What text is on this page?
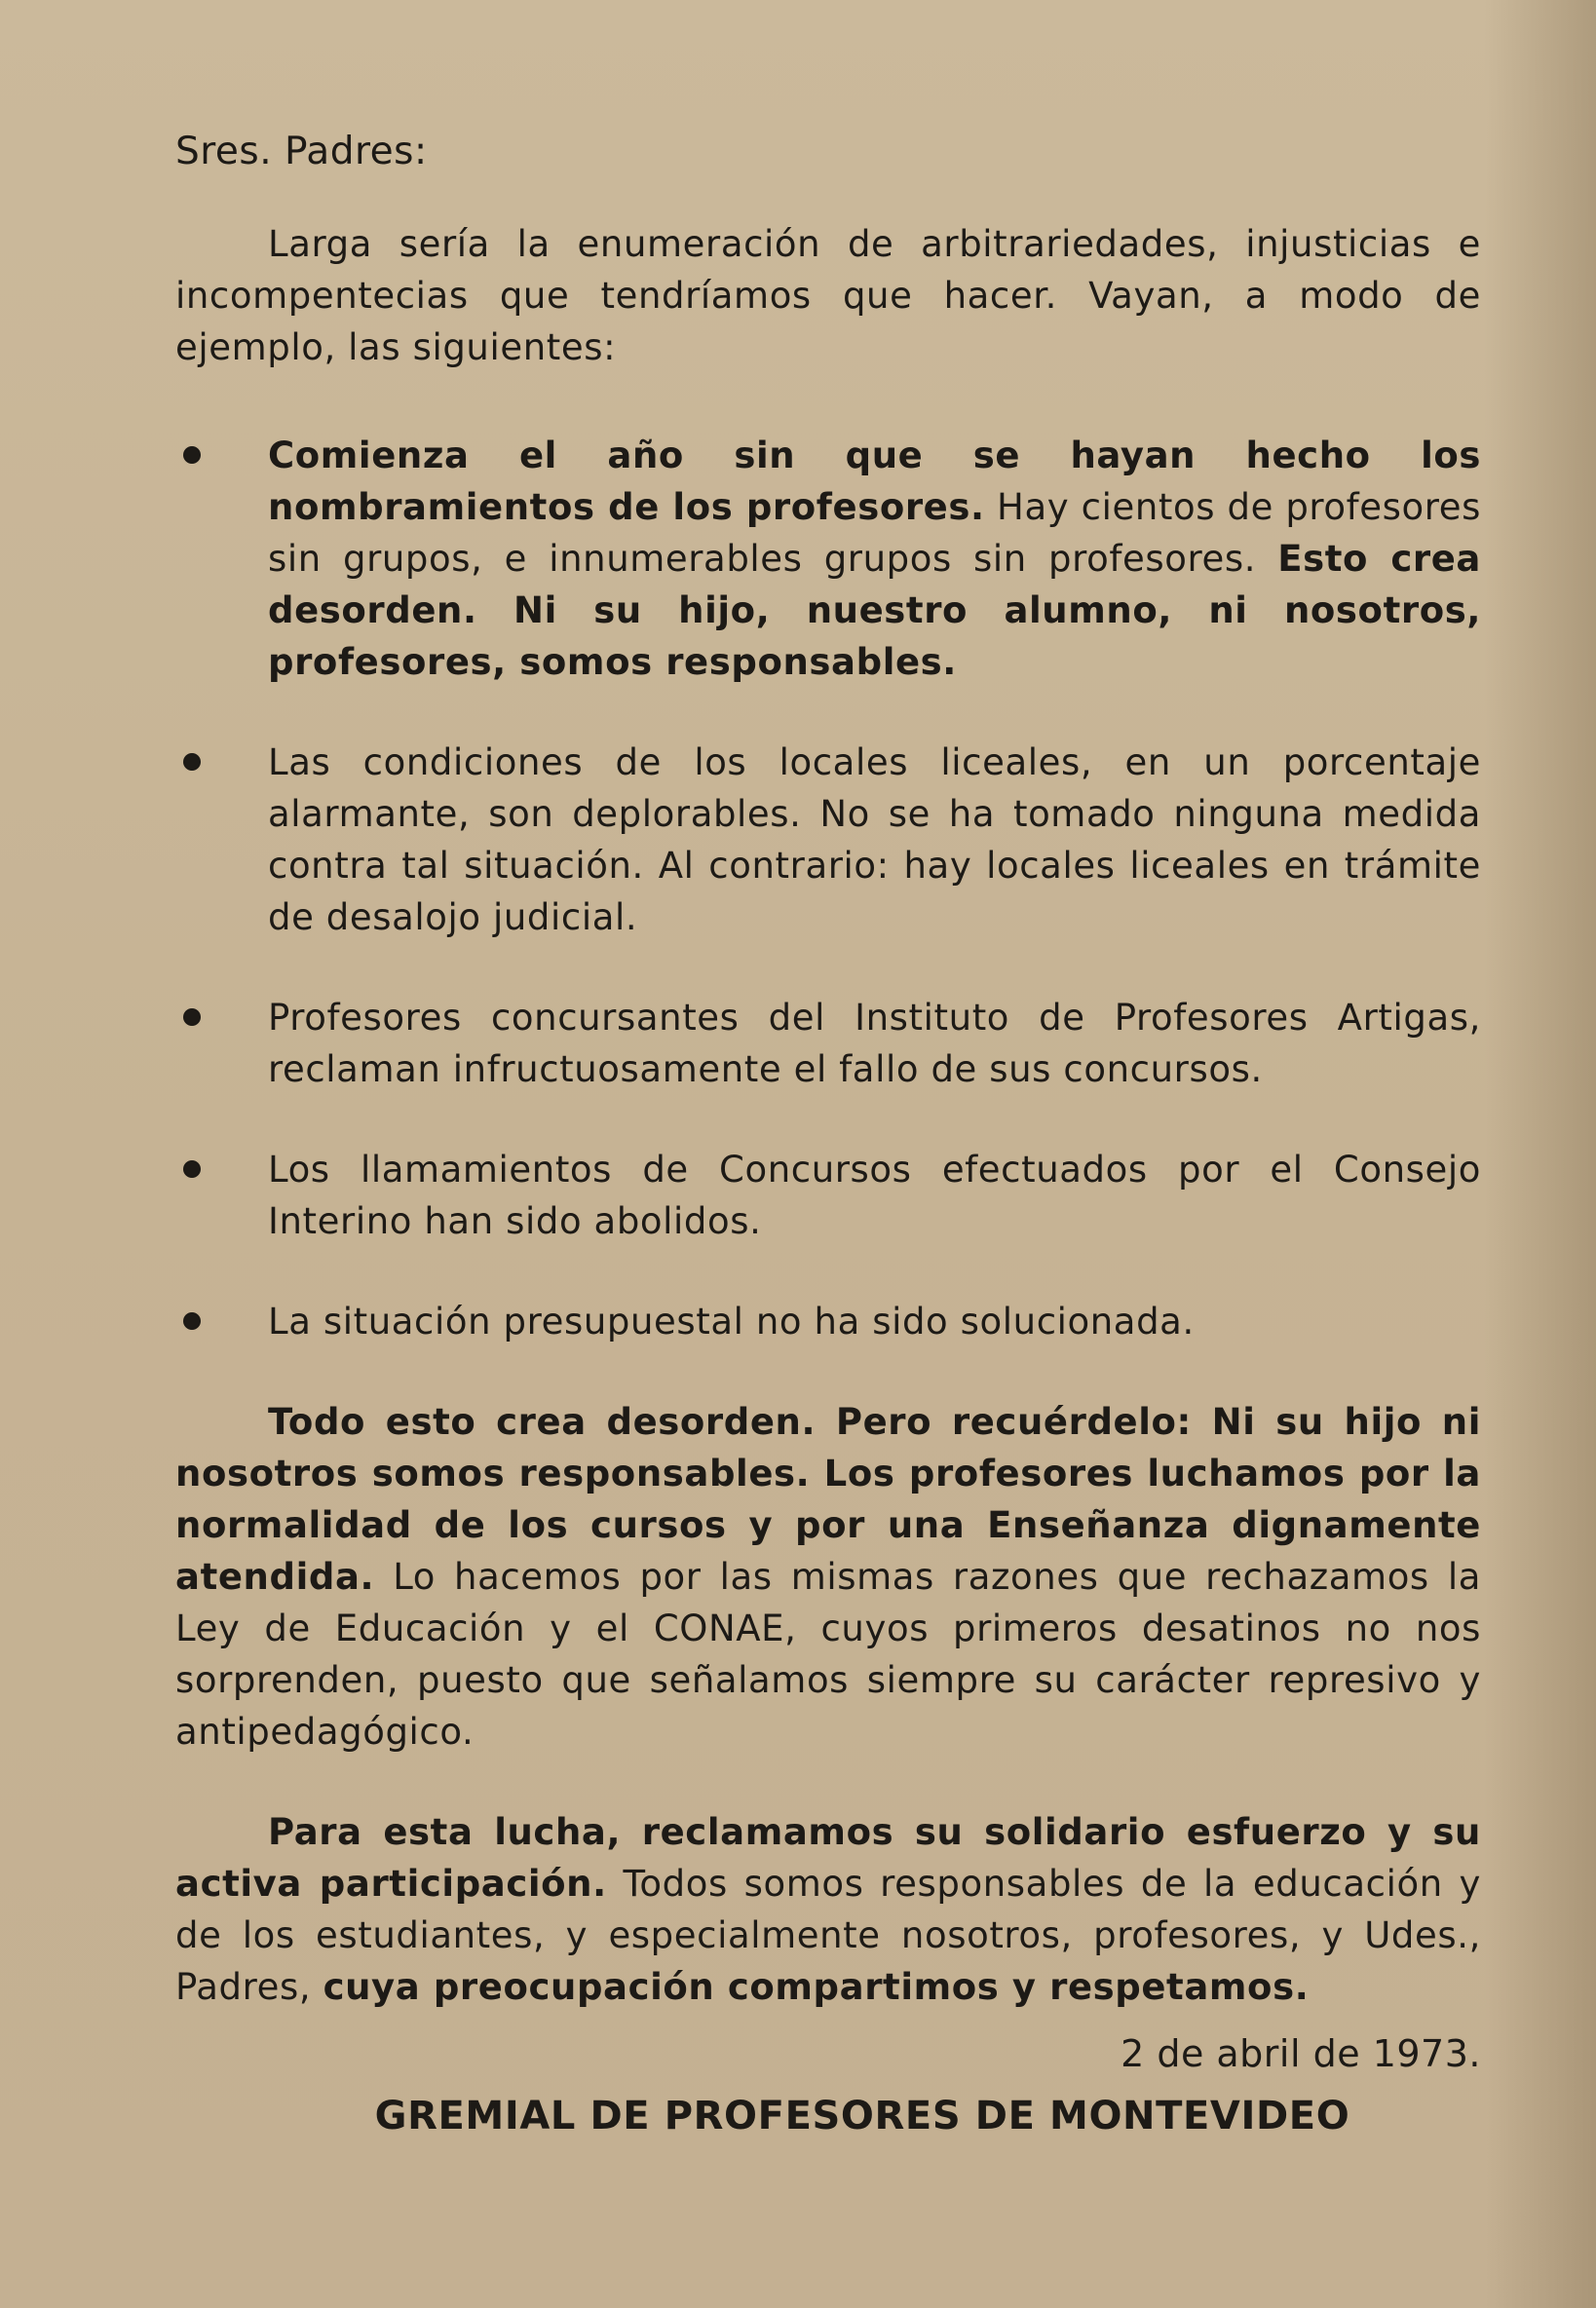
Sres. Padres:

Larga sería la enumeración de arbitrariedades, injusticias e incompentecias que tendríamos que hacer. Vayan, a modo de ejemplo, las siguientes:

Comienza el año sin que se hayan hecho los nombramientos de los profesores. Hay cientos de profesores sin grupos, e innumerables grupos sin profesores. Esto crea desorden. Ni su hijo, nuestro alumno, ni nosotros, profesores, somos responsables.

Las condiciones de los locales liceales, en un porcentaje alarmante, son deplorables. No se ha tomado ninguna medida contra tal situación. Al contrario: hay locales liceales en trámite de desalojo judicial.

Profesores concursantes del Instituto de Profesores Artigas, reclaman infructuosamente el fallo de sus concursos.

Los llamamientos de Concursos efectuados por el Consejo Interino han sido abolidos.

La situación presupuestal no ha sido solucionada.

Todo esto crea desorden. Pero recuérdelo: Ni su hijo ni nosotros somos responsables. Los profesores luchamos por la normalidad de los cursos y por una Enseñanza dignamente atendida. Lo hacemos por las mismas razones que rechazamos la Ley de Educación y el CONAE, cuyos primeros desatinos no nos sorprenden, puesto que señalamos siempre su carácter represivo y antipedagógico.

Para esta lucha, reclamamos su solidario esfuerzo y su activa participación. Todos somos responsables de la educación y de los estudiantes, y especialmente nosotros, profesores, y Udes., Padres, cuya preocupación compartimos y respetamos.

2 de abril de 1973.
GREMIAL DE PROFESORES DE MONTEVIDEO
